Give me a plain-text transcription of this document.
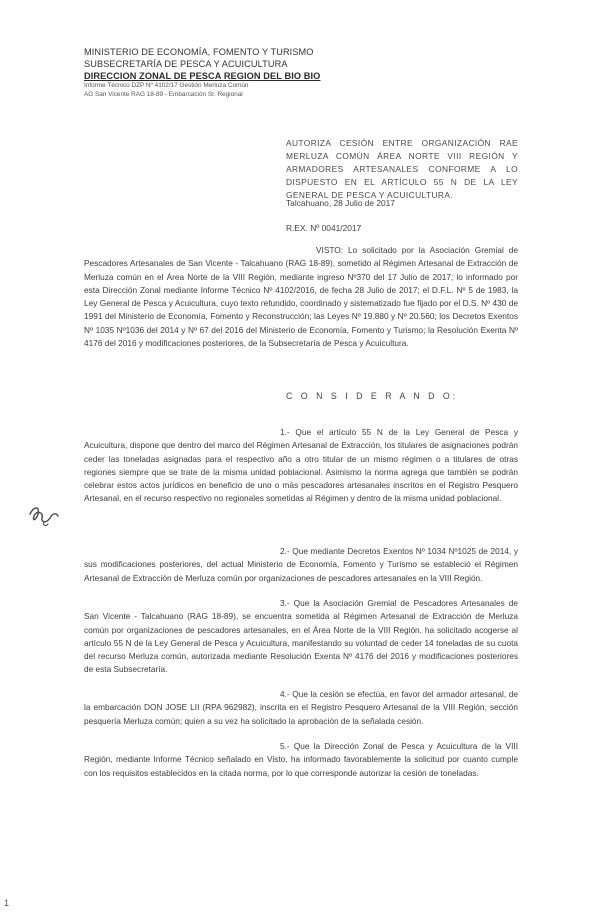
MINISTERIO DE ECONOMÍA, FOMENTO Y TURISMO
SUBSECRETARÍA DE PESCA Y ACUICULTURA
DIRECCION ZONAL DE PESCA REGION DEL BIO BIO
Informe Técnico DZP Nº 4102/17 Gestión Merluza Común
AG San Vicente RAG 18-89 - Embarcación Sr. Regional
AUTORIZA CESIÓN ENTRE ORGANIZACIÓN RAE MERLUZA COMÚN ÁREA NORTE VIII REGIÓN Y ARMADORES ARTESANALES CONFORME A LO DISPUESTO EN EL ARTÍCULO 55 N DE LA LEY GENERAL DE PESCA Y ACUICULTURA.
Talcahuano, 28 Julio de 2017
R.EX. Nº 0041/2017
VISTO: Lo solicitado por la Asociación Gremial de Pescadores Artesanales de San Vicente - Talcahuano (RAG 18-89), sometido al Régimen Artesanal de Extracción de Merluza común en el Área Norte de la VIII Región, mediante ingreso Nº370 del 17 Julio de 2017; lo informado por esta Dirección Zonal mediante Informe Técnico Nº 4102/2016, de fecha 28 Julio de 2017; el D.F.L. Nº 5 de 1983, la Ley General de Pesca y Acuicultura, cuyo texto refundido, coordinado y sistematizado fue fijado por el D.S. Nº 430 de 1991 del Ministerio de Economía, Fomento y Reconstrucción; las Leyes Nº 19.880 y Nº 20.560; los Decretos Exentos Nº 1035 Nº1036 del 2014 y Nº 67 del 2016 del Ministerio de Economía, Fomento y Turismo; la Resolución Exenta Nº 4176 del 2016 y modificaciones posteriores, de la Subsecretaría de Pesca y Acuicultura.
C O N S I D E R A N D O:
1.- Que el artículo 55 N de la Ley General de Pesca y Acuicultura, dispone que dentro del marco del Régimen Artesanal de Extracción, los titulares de asignaciones podrán ceder las toneladas asignadas para el respectivo año a otro titular de un mismo régimen o a titulares de otras regiones siempre que se trate de la misma unidad poblacional. Asimismo la norma agrega que también se podrán celebrar estos actos jurídicos en beneficio de uno o más pescadores artesanales inscritos en el Registro Pesquero Artesanal, en el recurso respectivo no regionales sometidas al Régimen y dentro de la misma unidad poblacional.
2.- Que mediante Decretos Exentos Nº 1034 Nº1025 de 2014, y sus modificaciones posteriores, del actual Ministerio de Economía, Fomento y Turismo se estableció el Régimen Artesanal de Extracción de Merluza común por organizaciones de pescadores artesanales en la VIII Región.
3.- Que la Asociación Gremial de Pescadores Artesanales de San Vicente - Talcahuano (RAG 18-89), se encuentra sometida al Régimen Artesanal de Extracción de Merluza común por organizaciones de pescadores artesanales, en el Área Norte de la VIII Región, ha solicitado acogerse al artículo 55 N de la Ley General de Pesca y Acuicultura, manifestando su voluntad de ceder 14 toneladas de su cuota del recurso Merluza común, autorizada mediante Resolución Exenta Nº 4176 del 2016 y modificaciones posteriores de esta Subsecretaría.
4.- Que la cesión se efectúa, en favor del armador artesanal, de la embarcación DON JOSE LII (RPA 962982), inscrita en el Registro Pesquero Artesanal de la VIII Región, sección pesquería Merluza común; quien a su vez ha solicitado la aprobación de la señalada cesión.
5.- Que la Dirección Zonal de Pesca y Acuicultura de la VIII Región, mediante Informe Técnico señalado en Visto, ha informado favorablemente la solicitud por cuanto cumple con los requisitos establecidos en la citada norma, por lo que corresponde autorizar la cesión de toneladas.
1
